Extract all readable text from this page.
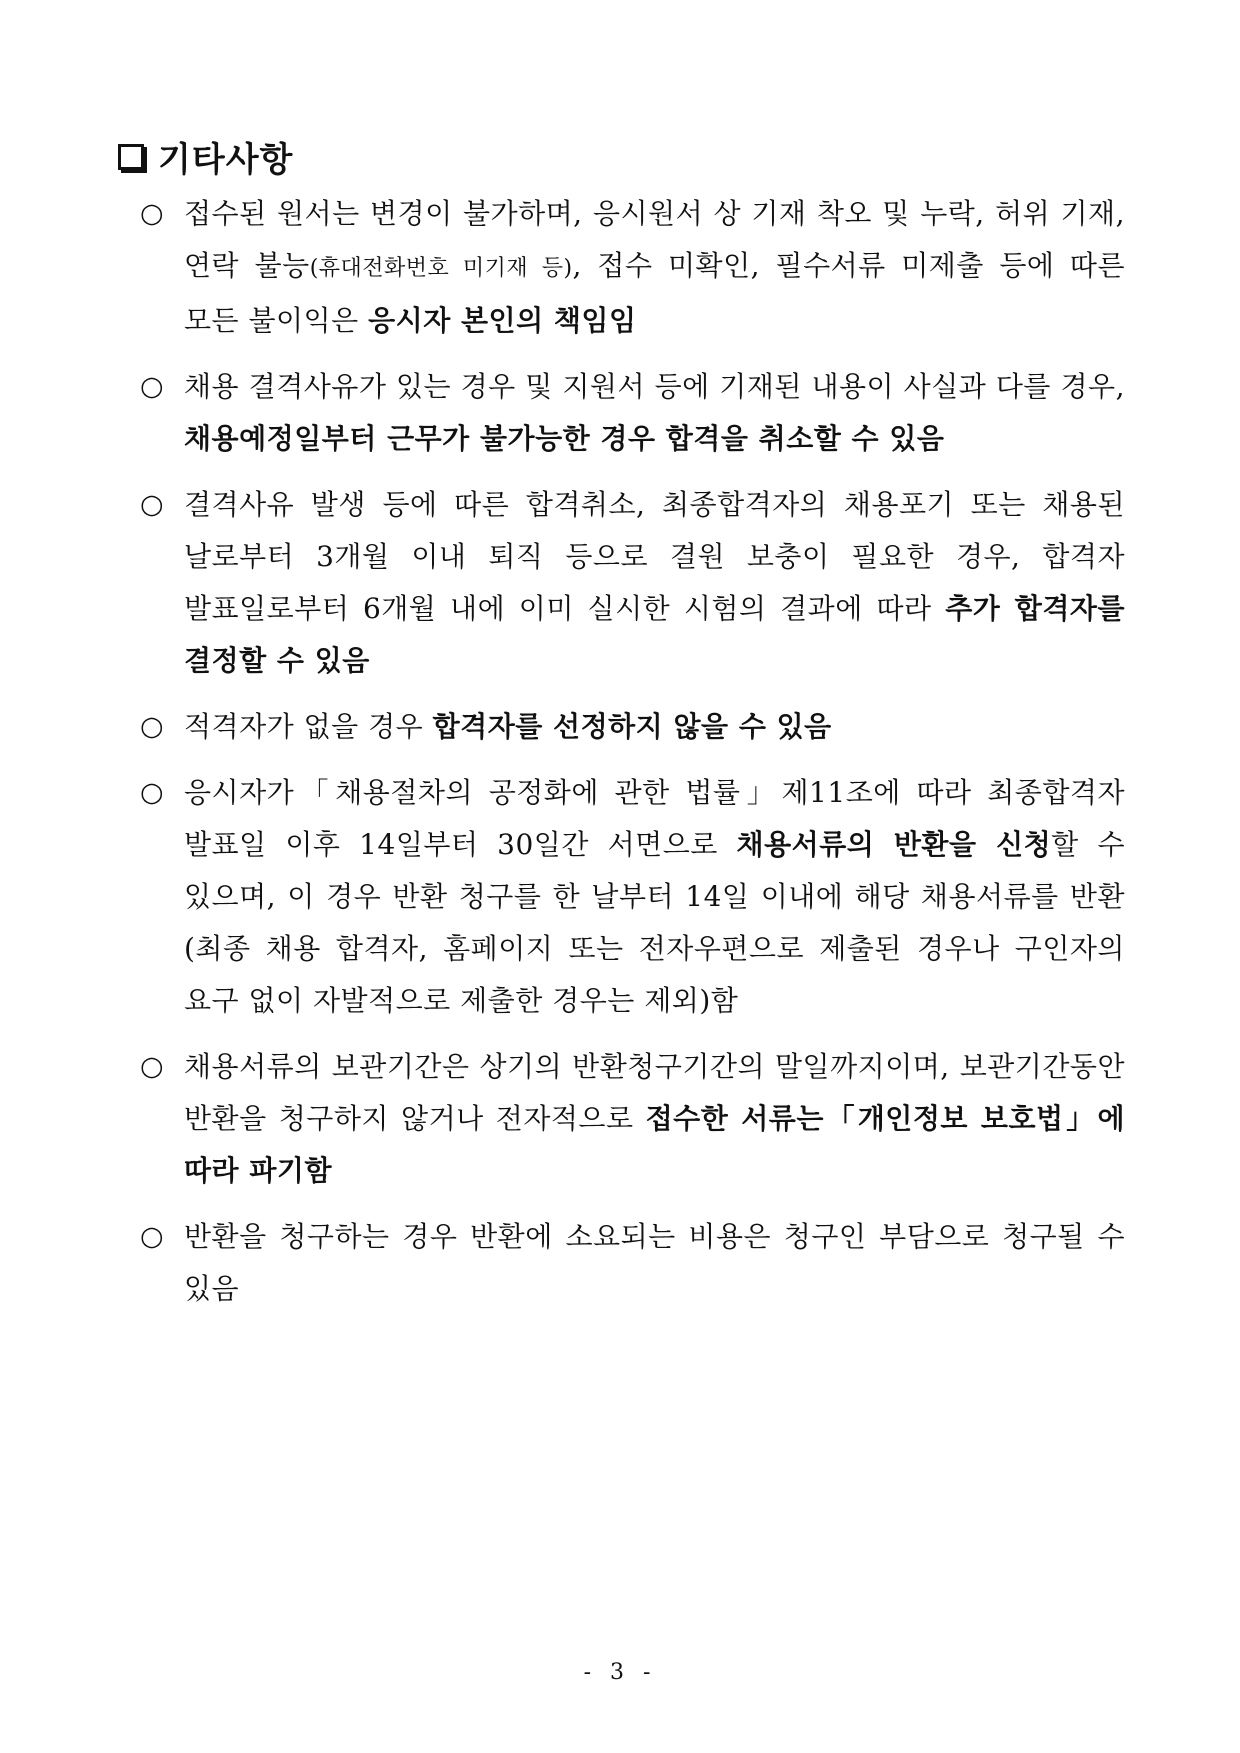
기타사항
○ 접수된 원서는 변경이 불가하며, 응시원서 상 기재 착오 및 누락, 허위 기재, 연락 불능(휴대전화번호 미기재 등), 접수 미확인, 필수서류 미제출 등에 따른 모든 불이익은 응시자 본인의 책임임
○ 채용 결격사유가 있는 경우 및 지원서 등에 기재된 내용이 사실과 다를 경우, 채용예정일부터 근무가 불가능한 경우 합격을 취소할 수 있음
○ 결격사유 발생 등에 따른 합격취소, 최종합격자의 채용포기 또는 채용된 날로부터 3개월 이내 퇴직 등으로 결원 보충이 필요한 경우, 합격자 발표일로부터 6개월 내에 이미 실시한 시험의 결과에 따라 추가 합격자를 결정할 수 있음
○ 적격자가 없을 경우 합격자를 선정하지 않을 수 있음
○ 응시자가「채용절차의 공정화에 관한 법률」제11조에 따라 최종합격자 발표일 이후 14일부터 30일간 서면으로 채용서류의 반환을 신청할 수 있으며, 이 경우 반환 청구를 한 날부터 14일 이내에 해당 채용서류를 반환(최종 채용 합격자, 홈페이지 또는 전자우편으로 제출된 경우나 구인자의 요구 없이 자발적으로 제출한 경우는 제외)함
○ 채용서류의 보관기간은 상기의 반환청구기간의 말일까지이며, 보관기간동안 반환을 청구하지 않거나 전자적으로 접수한 서류는「개인정보 보호법」에 따라 파기함
○ 반환을 청구하는 경우 반환에 소요되는 비용은 청구인 부담으로 청구될 수 있음
- 3 -
